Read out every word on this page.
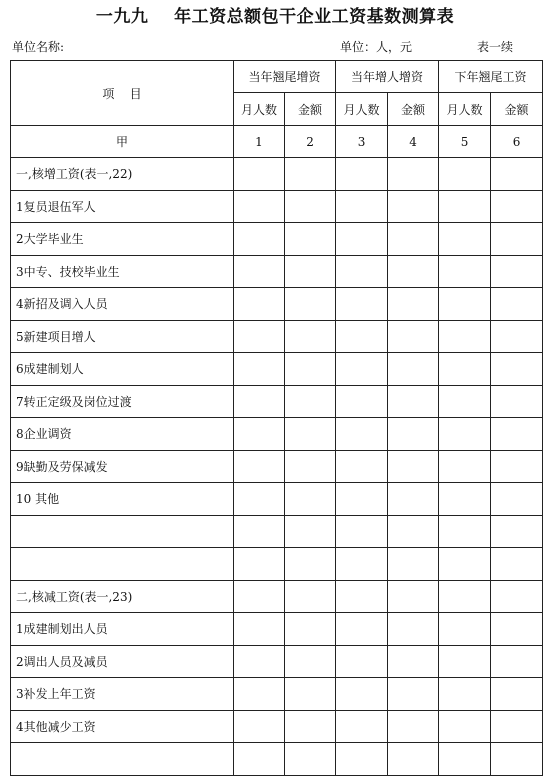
一九九    年工资总额包干企业工资基数测算表
单位名称:	单位：人，元	表一续
项    目	当年翘尾增资		当年增人增资		下年翘尾工资	
	月人数	金额	月人数	金额	月人数	金额
甲	1	2	3	4	5	6
一,核增工资(表一,22)						
1复员退伍军人						
2大学毕业生						
3中专、技校毕业生						
4新招及调入人员						
5新建项目增人						
6成建制划人						
7转正定级及岗位过渡						
8企业调资						
9缺勤及劳保减发						
10 其他						

二,核减工资(表一,23)						
1成建制划出人员						
2调出人员及减员						
3补发上年工资						
4其他减少工资						
